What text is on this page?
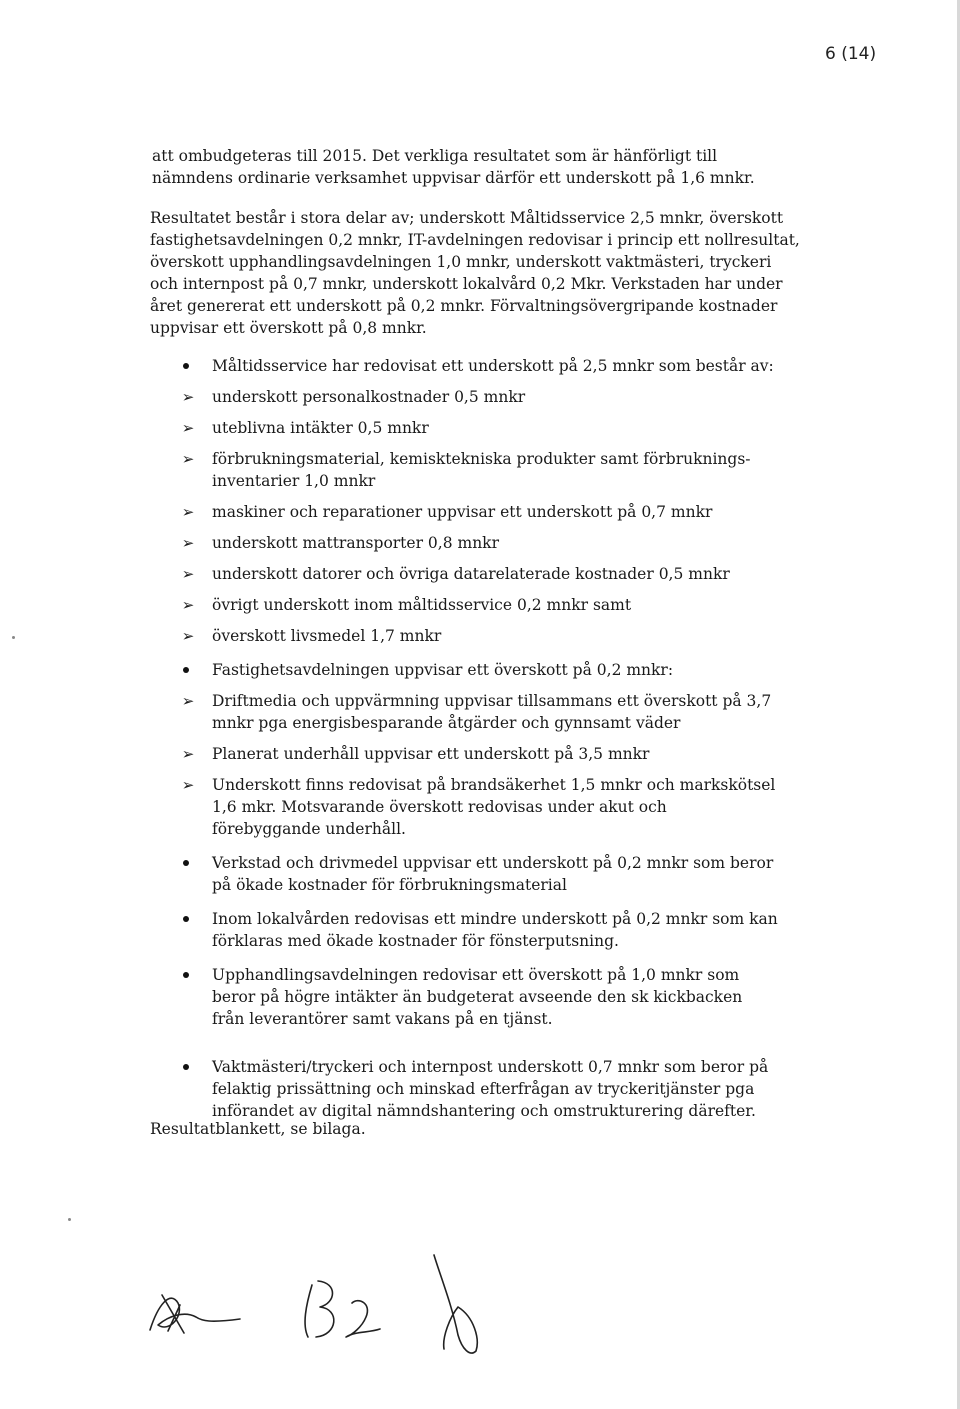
6 (14)

att ombudgeteras till 2015. Det verkliga resultatet som är hänförligt till nämndens ordinarie verksamhet uppvisar därför ett underskott på 1,6 mnkr.

Resultatet består i stora delar av; underskott Måltidsservice 2,5 mnkr, överskott fastighetsavdelningen 0,2 mnkr, IT-avdelningen redovisar i princip ett nollresultat, överskott upphandlingsavdelningen 1,0 mnkr, underskott vaktmästeri, tryckeri och internpost på 0,7 mnkr, underskott lokalvård 0,2 Mkr. Verkstaden har under året genererat ett underskott på 0,2 mnkr. Förvaltningsövergripande kostnader uppvisar ett överskott på 0,8 mnkr.

Måltidsservice har redovisat ett underskott på 2,5 mnkr som består av:
➢ underskott personalkostnader 0,5 mnkr
➢ uteblivna intäkter 0,5 mnkr
➢ förbrukningsmaterial, kemisktekniska produkter samt förbruknings-inventarier 1,0 mnkr
➢ maskiner och reparationer uppvisar ett underskott på 0,7 mnkr
➢ underskott mattransporter 0,8 mnkr
➢ underskott datorer och övriga datarelaterade kostnader 0,5 mnkr
➢ övrigt underskott inom måltidsservice 0,2 mnkr samt
➢ överskott livsmedel 1,7 mnkr
Fastighetsavdelningen uppvisar ett överskott på 0,2 mnkr:
➢ Driftmedia och uppvärmning uppvisar tillsammans ett överskott på 3,7 mnkr pga energisbesparande åtgärder och gynnsamt väder
➢ Planerat underhåll uppvisar ett underskott på 3,5 mnkr
➢ Underskott finns redovisat på brandsäkerhet 1,5 mnkr och markskötsel 1,6 mkr. Motsvarande överskott redovisas under akut och förebyggande underhåll.
Verkstad och drivmedel uppvisar ett underskott på 0,2 mnkr som beror på ökade kostnader för förbrukningsmaterial
Inom lokalvården redovisas ett mindre underskott på 0,2 mnkr som kan förklaras med ökade kostnader för fönsterputsning.
Upphandlingsavdelningen redovisar ett överskott på 1,0 mnkr som beror på högre intäkter än budgeterat avseende den sk kickbacken från leverantörer samt vakans på en tjänst.
Vaktmästeri/tryckeri och internpost underskott 0,7 mnkr som beror på felaktig prissättning och minskad efterfrågan av tryckeritjänster pga införandet av digital nämndshantering och omstrukturering därefter.
Resultatblankett, se bilaga.
